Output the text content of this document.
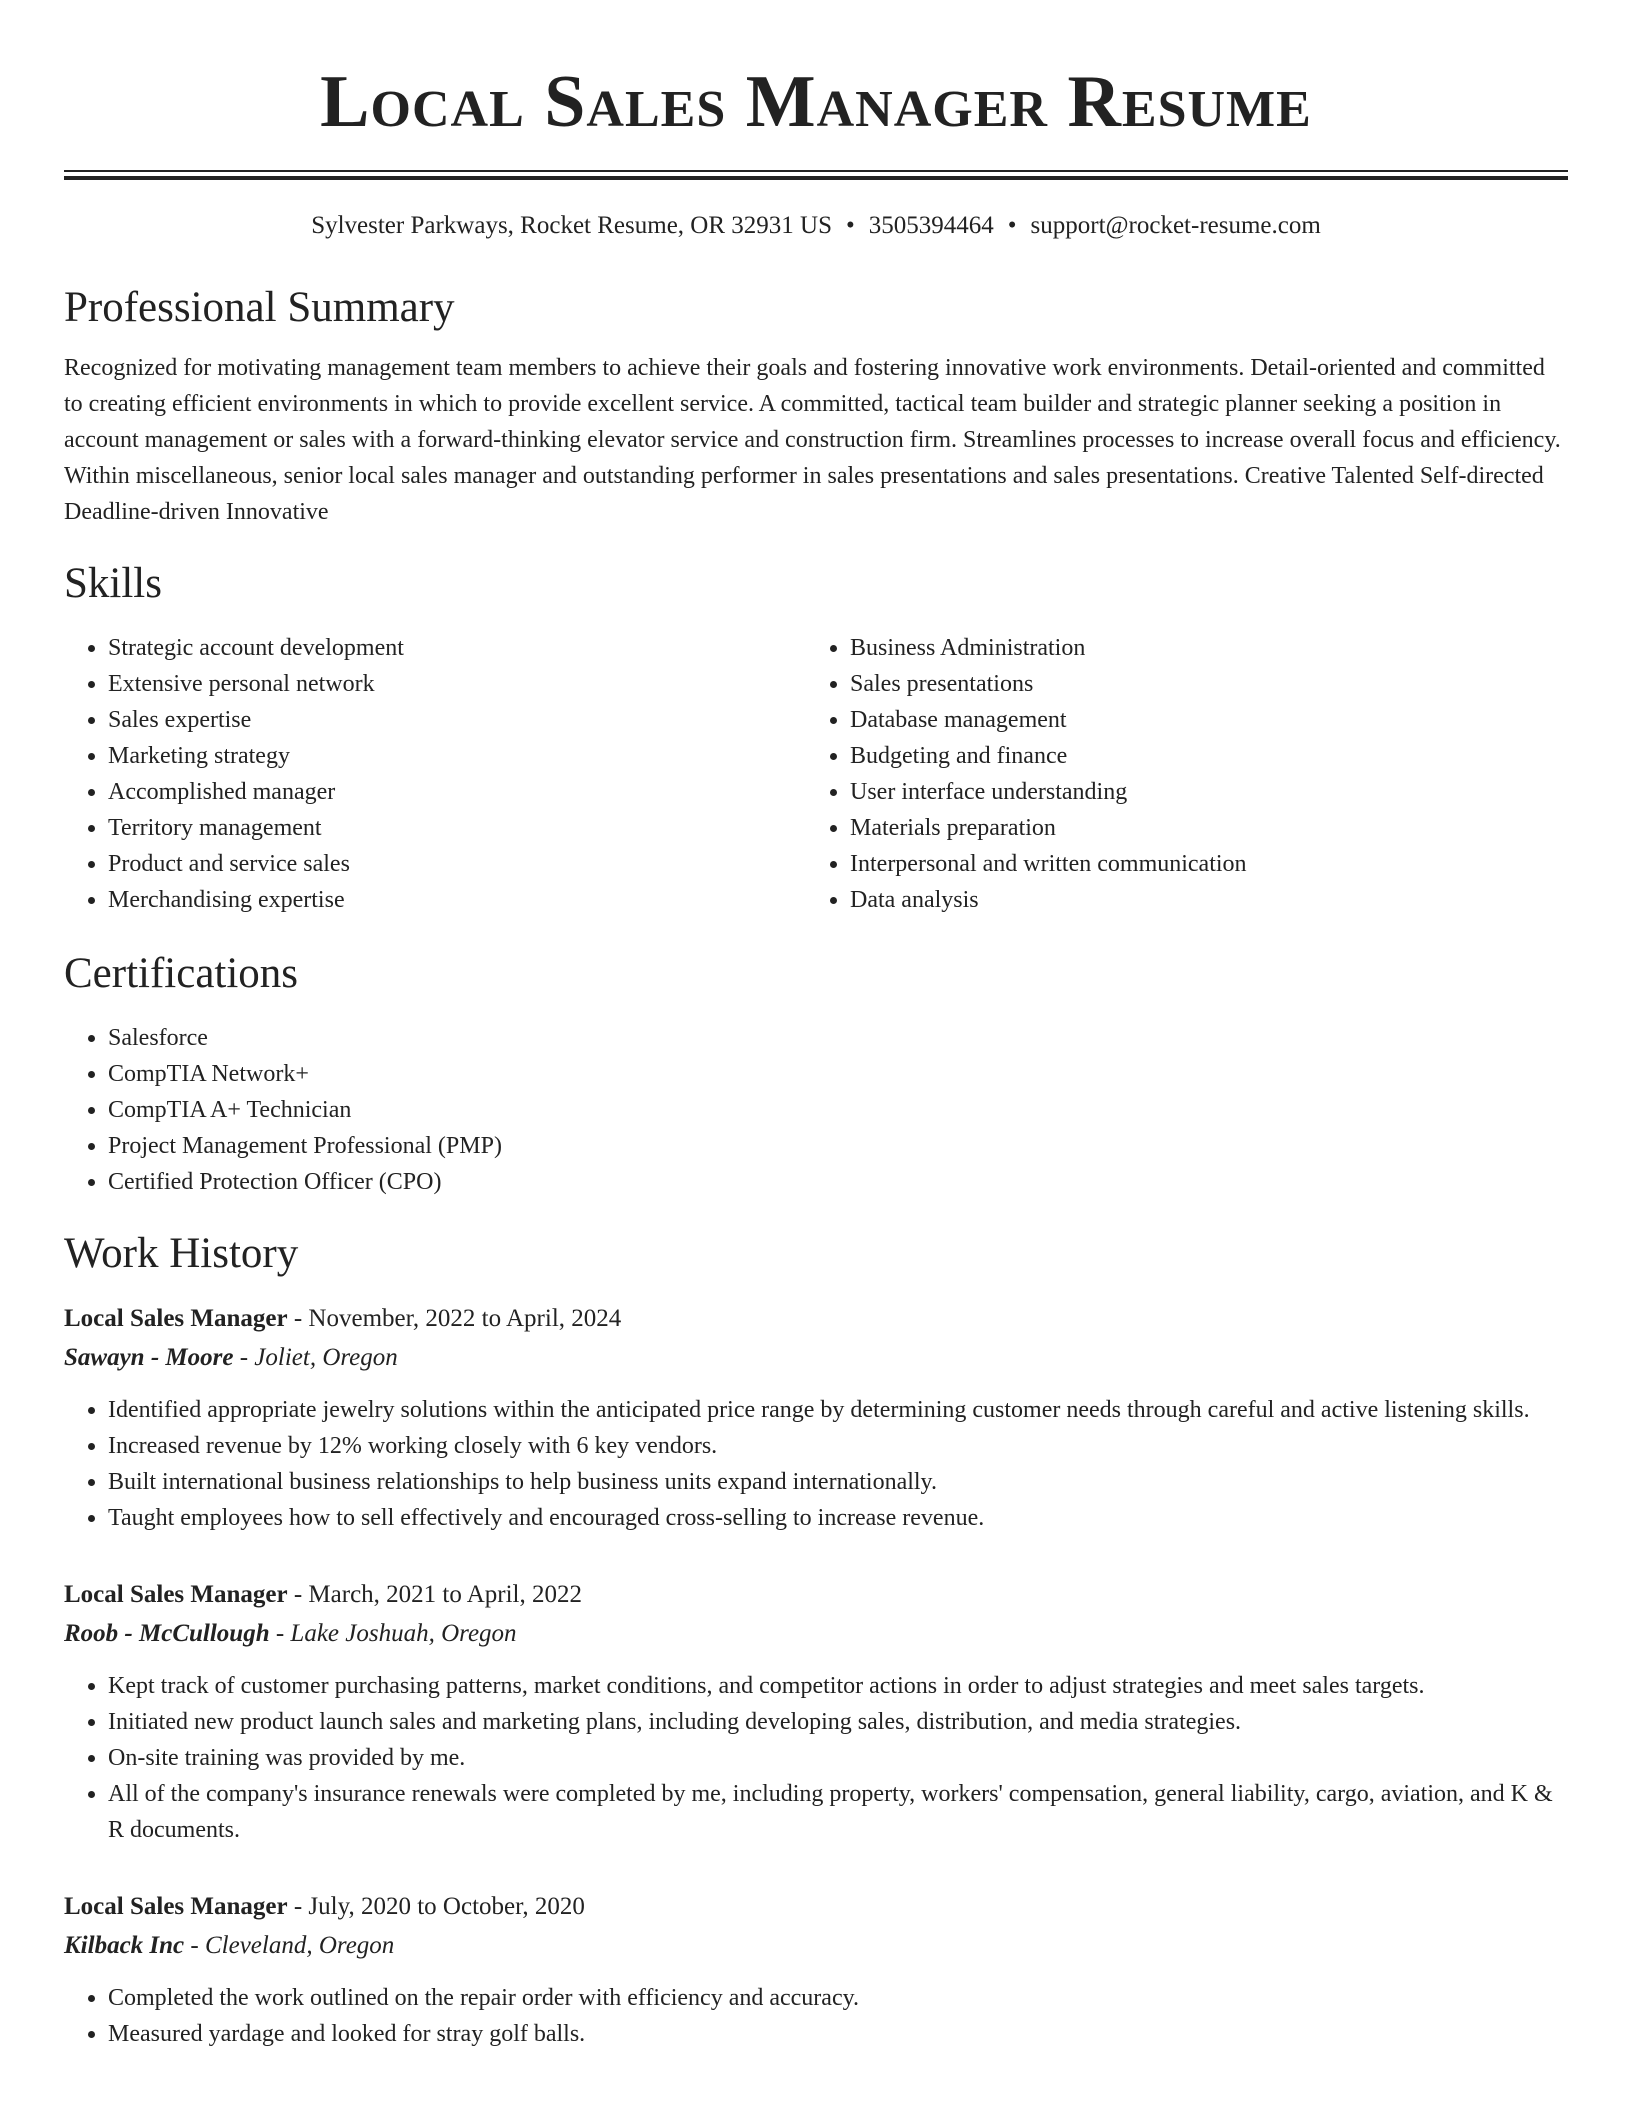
Local Sales Manager Resume
Sylvester Parkways, Rocket Resume, OR 32931 US • 3505394464 • support@rocket-resume.com
Professional Summary

Recognized for motivating management team members to achieve their goals and fostering innovative work environments. Detail-oriented and committed to creating efficient environments in which to provide excellent service. A committed, tactical team builder and strategic planner seeking a position in account management or sales with a forward-thinking elevator service and construction firm. Streamlines processes to increase overall focus and efficiency. Within miscellaneous, senior local sales manager and outstanding performer in sales presentations and sales presentations. Creative Talented Self-directed Deadline-driven Innovative

Skills
• Strategic account development
• Extensive personal network
• Sales expertise
• Marketing strategy
• Accomplished manager
• Territory management
• Product and service sales
• Merchandising expertise
• Business Administration
• Sales presentations
• Database management
• Budgeting and finance
• User interface understanding
• Materials preparation
• Interpersonal and written communication
• Data analysis
Certifications
• Salesforce
• CompTIA Network+
• CompTIA A+ Technician
• Project Management Professional (PMP)
• Certified Protection Officer (CPO)
Work History
Local Sales Manager - November, 2022 to April, 2024
Sawayn - Moore - Joliet, Oregon
• Identified appropriate jewelry solutions within the anticipated price range by determining customer needs through careful and active listening skills.
• Increased revenue by 12% working closely with 6 key vendors.
• Built international business relationships to help business units expand internationally.
• Taught employees how to sell effectively and encouraged cross-selling to increase revenue.
Local Sales Manager - March, 2021 to April, 2022
Roob - McCullough - Lake Joshuah, Oregon
• Kept track of customer purchasing patterns, market conditions, and competitor actions in order to adjust strategies and meet sales targets.
• Initiated new product launch sales and marketing plans, including developing sales, distribution, and media strategies.
• On-site training was provided by me.
• All of the company's insurance renewals were completed by me, including property, workers' compensation, general liability, cargo, aviation, and K & R documents.
Local Sales Manager - July, 2020 to October, 2020
Kilback Inc - Cleveland, Oregon
• Completed the work outlined on the repair order with efficiency and accuracy.
• Measured yardage and looked for stray golf balls.
